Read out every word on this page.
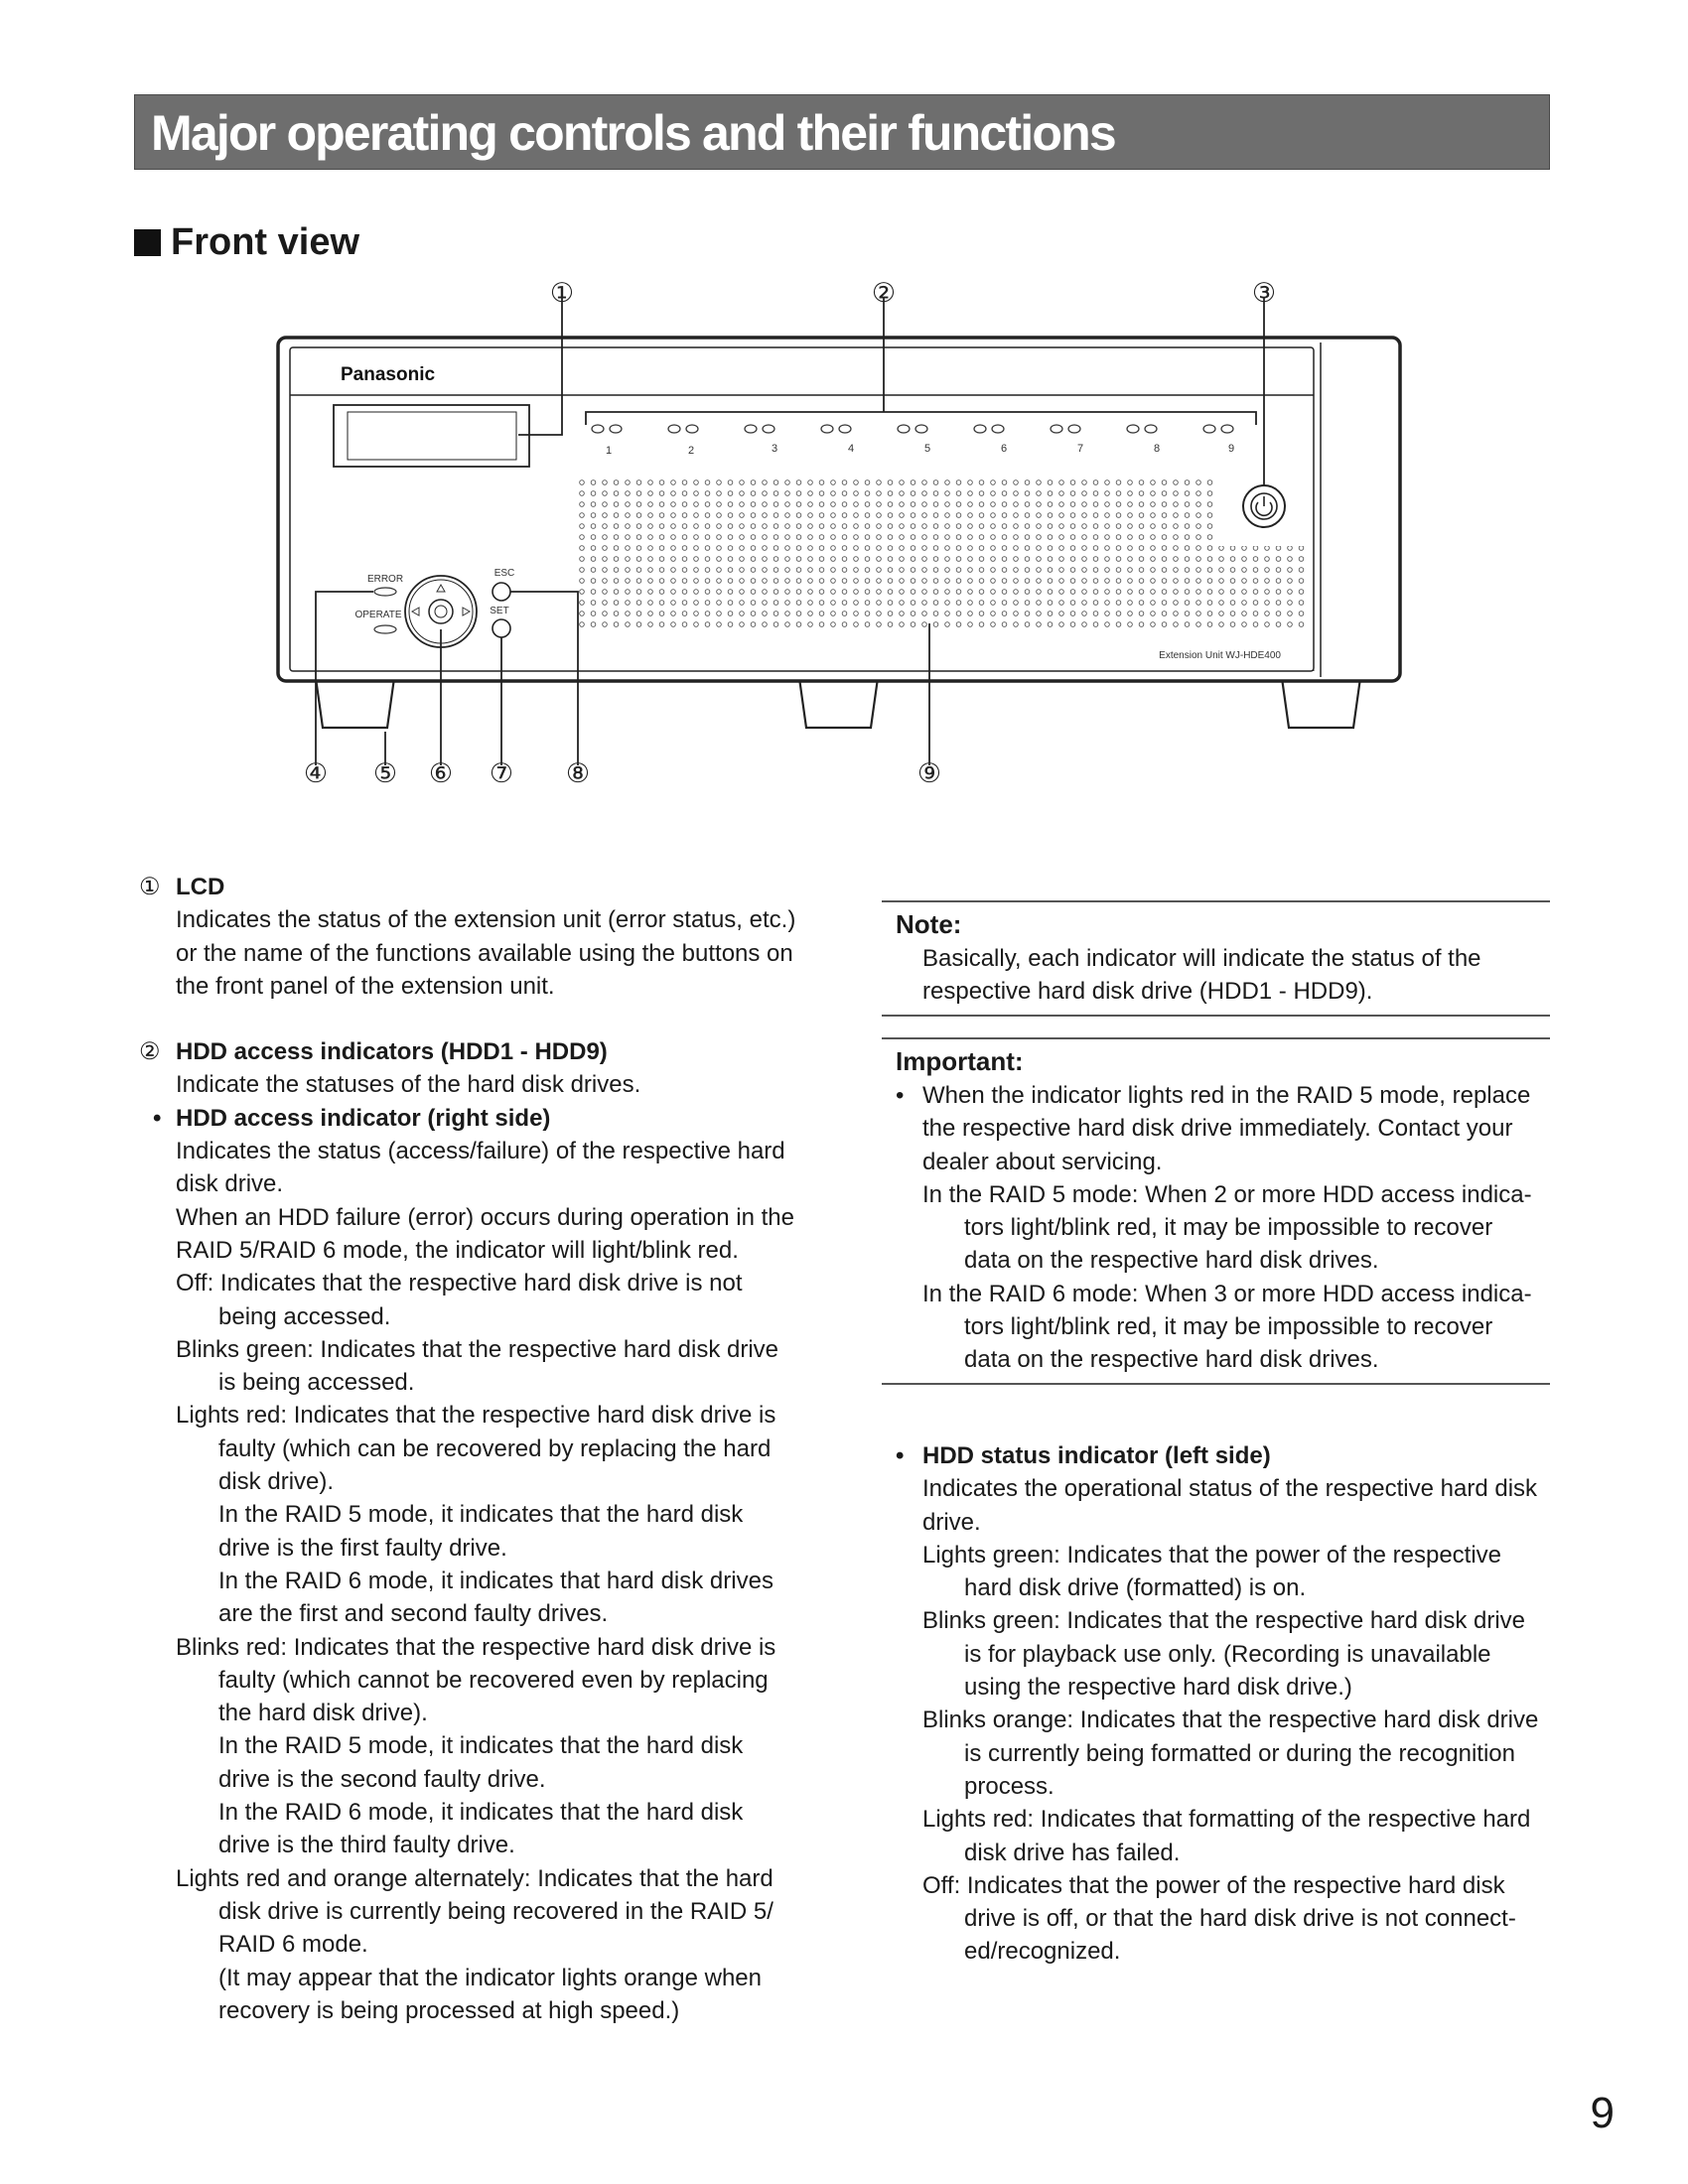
Major operating controls and their functions
Front view
Panasonic
1	2	3	4	5	6	7	8	9
Extension Unit WJ-HDE400
ERROR
OPERATE
ESC
SET
①	②	③
④ ⑤ ⑥ ⑦ ⑧	⑨
① LCD

Indicates the status of the extension unit (error status, etc.)

or the name of the functions available using the buttons on

the front panel of the extension unit.

② HDD access indicators (HDD1 - HDD9)

Indicate the statuses of the hard disk drives.

• HDD access indicator (right side)

Indicates the status (access/failure) of the respective hard

disk drive.

When an HDD failure (error) occurs during operation in the

RAID 5/RAID 6 mode, the indicator will light/blink red.

Off: Indicates that the respective hard disk drive is not

being accessed.

Blinks green: Indicates that the respective hard disk drive

is being accessed.

Lights red: Indicates that the respective hard disk drive is

faulty (which can be recovered by replacing the hard

disk drive).

In the RAID 5 mode, it indicates that the hard disk

drive is the first faulty drive.

In the RAID 6 mode, it indicates that hard disk drives

are the first and second faulty drives.

Blinks red: Indicates that the respective hard disk drive is

faulty (which cannot be recovered even by replacing

the hard disk drive).

In the RAID 5 mode, it indicates that the hard disk

drive is the second faulty drive.

In the RAID 6 mode, it indicates that the hard disk

drive is the third faulty drive.

Lights red and orange alternately: Indicates that the hard

disk drive is currently being recovered in the RAID 5/

RAID 6 mode.

(It may appear that the indicator lights orange when

recovery is being processed at high speed.)

Note:

Basically, each indicator will indicate the status of the

respective hard disk drive (HDD1 - HDD9).

Important:
• When the indicator lights red in the RAID 5 mode, replace

the respective hard disk drive immediately. Contact your

dealer about servicing.

In the RAID 5 mode: When 2 or more HDD access indica-

tors light/blink red, it may be impossible to recover

data on the respective hard disk drives.

In the RAID 6 mode: When 3 or more HDD access indica-

tors light/blink red, it may be impossible to recover

data on the respective hard disk drives.

• HDD status indicator (left side)

Indicates the operational status of the respective hard disk

drive.

Lights green: Indicates that the power of the respective

hard disk drive (formatted) is on.

Blinks green: Indicates that the respective hard disk drive

is for playback use only. (Recording is unavailable

using the respective hard disk drive.)

Blinks orange: Indicates that the respective hard disk drive

is currently being formatted or during the recognition

process.

Lights red: Indicates that formatting of the respective hard

disk drive has failed.

Off: Indicates that the power of the respective hard disk

drive is off, or that the hard disk drive is not connect-

ed/recognized.

9
